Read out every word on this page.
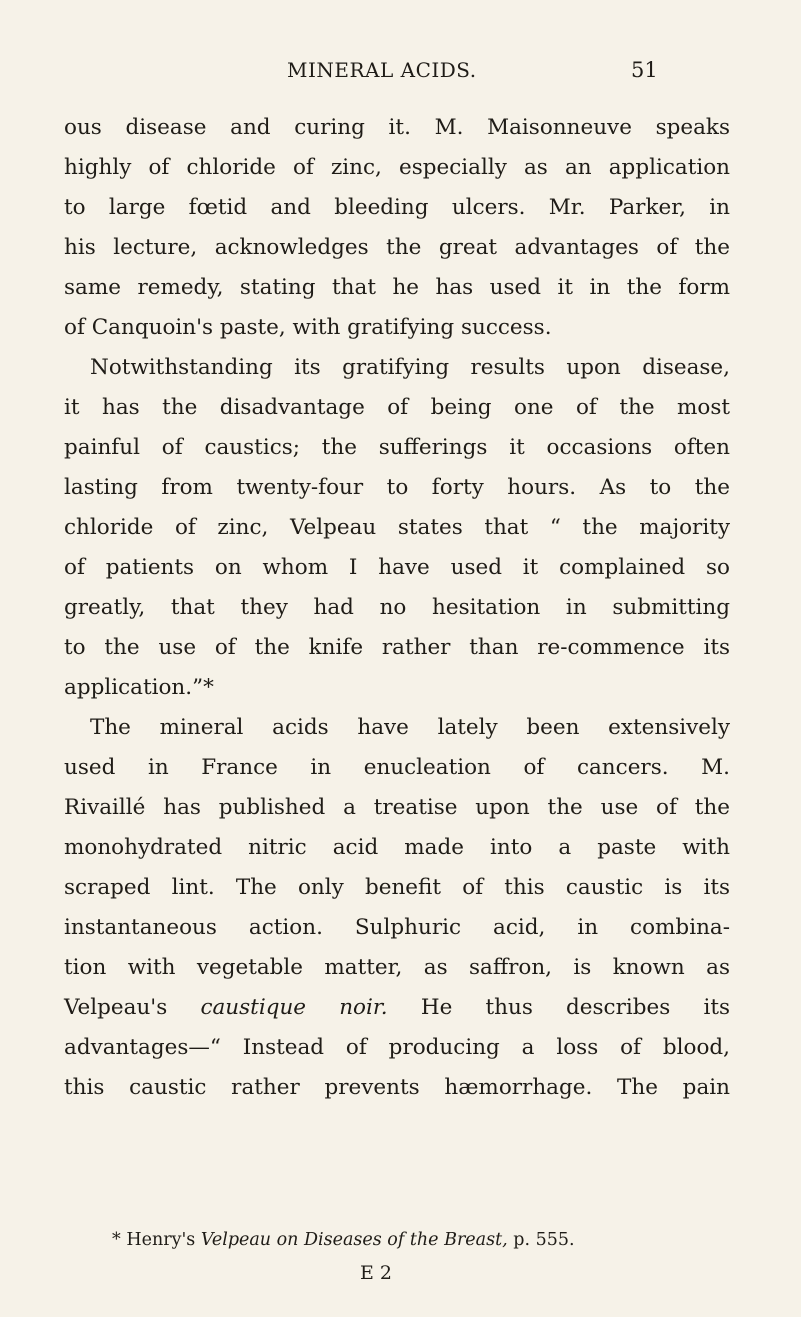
MINERAL ACIDS.	51
ous disease and curing it. M. Maisonneuve speaks
highly of chloride of zinc, especially as an application
to large fœtid and bleeding ulcers. Mr. Parker, in
his lecture, acknowledges the great advantages of the
same remedy, stating that he has used it in the form
of Canquoin's paste, with gratifying success.
Notwithstanding its gratifying results upon disease,
it has the disadvantage of being one of the most
painful of caustics; the sufferings it occasions often
lasting from twenty-four to forty hours. As to the
chloride of zinc, Velpeau states that “ the majority
of patients on whom I have used it complained so
greatly, that they had no hesitation in submitting
to the use of the knife rather than re-commence its
application.”*
The mineral acids have lately been extensively
used in France in enucleation of cancers. M.
Rivaillé has published a treatise upon the use of the
monohydrated nitric acid made into a paste with
scraped lint. The only benefit of this caustic is its
instantaneous action. Sulphuric acid, in combina-
tion with vegetable matter, as saffron, is known as
Velpeau's caustique noir. He thus describes its
advantages—“ Instead of producing a loss of blood,
this caustic rather prevents hæmorrhage. The pain
* Henry's Velpeau on Diseases of the Breast, p. 555.
E 2
